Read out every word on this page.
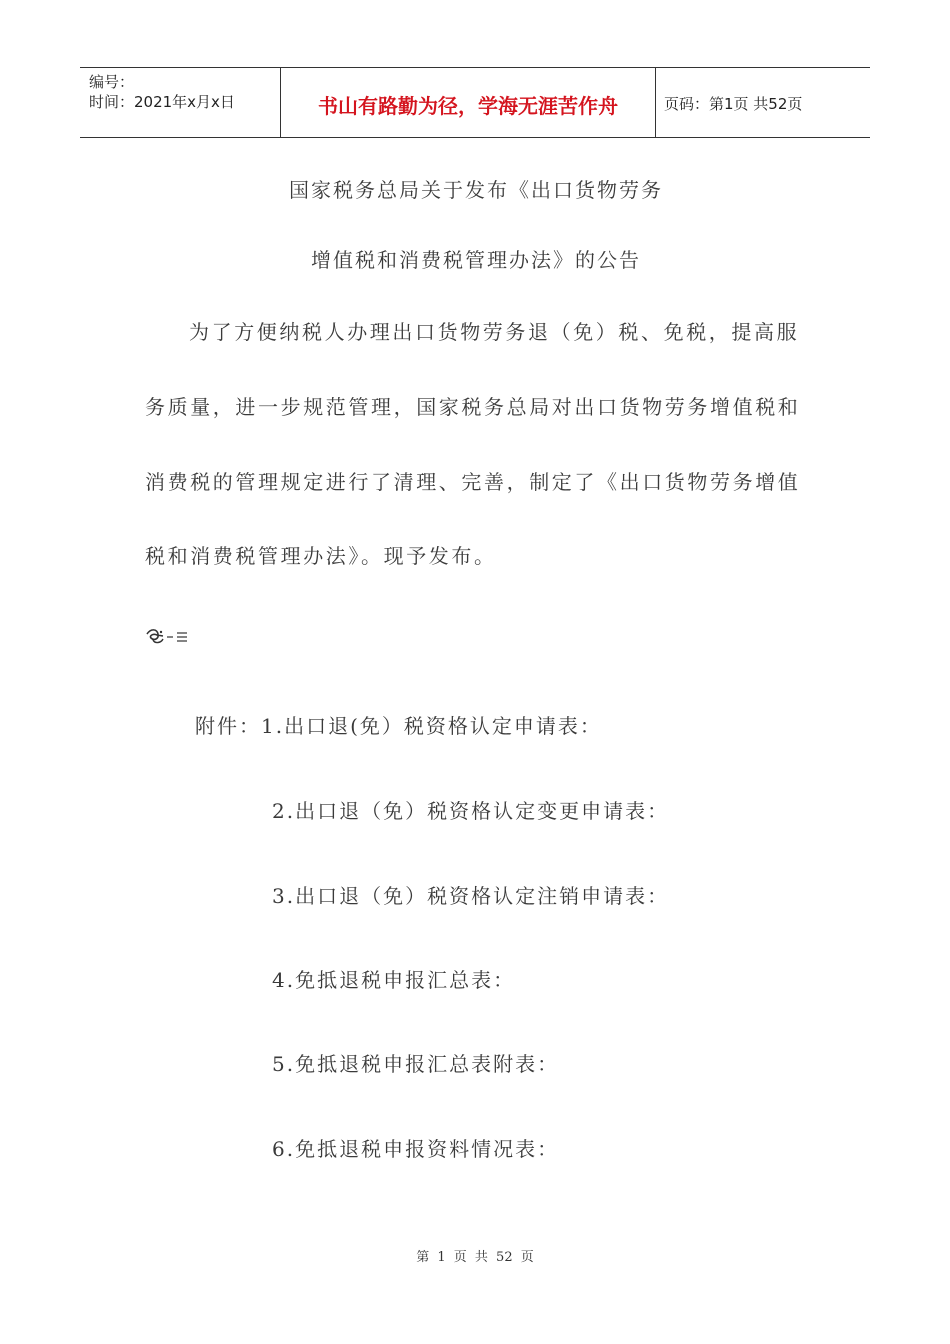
编号：
时间：2021年x月x日	书山有路勤为径，学海无涯苦作舟	页码：第1页 共52页
国家税务总局关于发布《出口货物劳务
增值税和消费税管理办法》的公告
为了方便纳税人办理出口货物劳务退（免）税、免税，提高服
务质量，进一步规范管理，国家税务总局对出口货物劳务增值税和
消费税的管理规定进行了清理、完善，制定了《出口货物劳务增值
税和消费税管理办法》。现予发布。
附件：1.出口退(免）税资格认定申请表：
2.出口退（免）税资格认定变更申请表：
3.出口退（免）税资格认定注销申请表：
4.免抵退税申报汇总表：
5.免抵退税申报汇总表附表：
6.免抵退税申报资料情况表：
第 1 页 共 52 页
